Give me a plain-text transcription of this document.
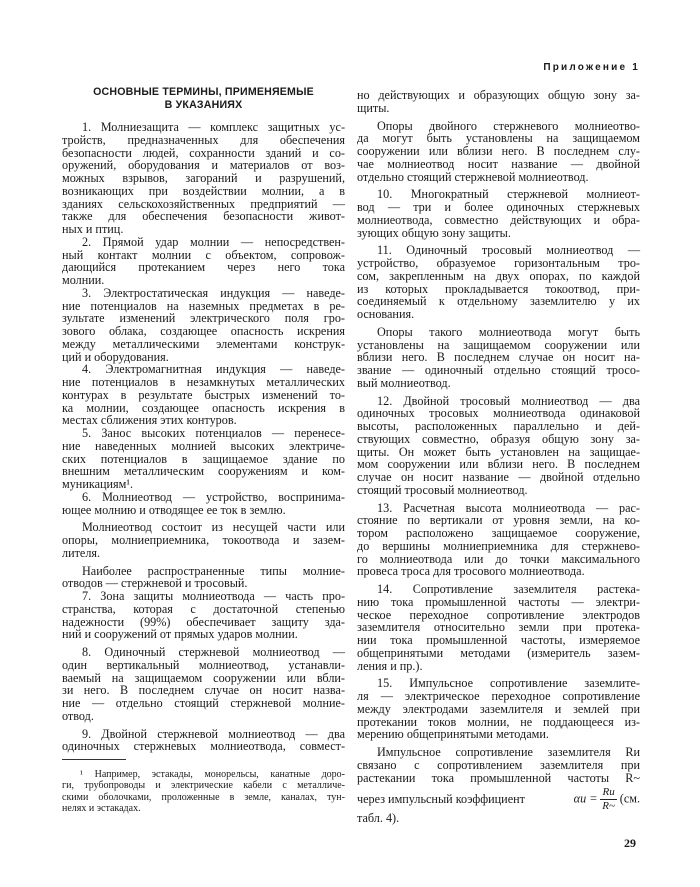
Приложение 1
ОСНОВНЫЕ ТЕРМИНЫ, ПРИМЕНЯЕМЫЕ
В УКАЗАНИЯХ
1. Молниезащита — комплекс защитных ус-
тройств, предназначенных для обеспечения
безопасности людей, сохранности зданий и со-
оружений, оборудования и материалов от воз-
можных взрывов, загораний и разрушений,
возникающих при воздействии молнии, а в
зданиях сельскохозяйственных предприятий —
также для обеспечения безопасности живот-
ных и птиц.
2. Прямой удар молнии — непосредствен-
ный контакт молнии с объектом, сопровож-
дающийся протеканием через него тока
молнии.
3. Электростатическая индукция — наведе-
ние потенциалов на наземных предметах в ре-
зультате изменений электрического поля гро-
зового облака, создающее опасность искрения
между металлическими элементами конструк-
ций и оборудования.
4. Электромагнитная индукция — наведе-
ние потенциалов в незамкнутых металлических
контурах в результате быстрых изменений то-
ка молнии, создающее опасность искрения в
местах сближения этих контуров.
5. Занос высоких потенциалов — перенесе-
ние наведенных молнией высоких электриче-
ских потенциалов в защищаемое здание по
внешним металлическим сооружениям и ком-
муникациям¹.
6. Молниеотвод — устройство, воспринима-
ющее молнию и отводящее ее ток в землю.
Молниеотвод состоит из несущей части или
опоры, молниеприемника, токоотвода и зазем-
лителя.
Наиболее распространенные типы молние-
отводов — стержневой и тросовый.
7. Зона защиты молниеотвода — часть про-
странства, которая с достаточной степенью
надежности (99%) обеспечивает защиту зда-
ний и сооружений от прямых ударов молнии.
8. Одиночный стержневой молниеотвод —
один вертикальный молниеотвод, устанавли-
ваемый на защищаемом сооружении или вбли-
зи него. В последнем случае он носит назва-
ние — отдельно стоящий стержневой молние-
отвод.
9. Двойной стержневой молниеотвод — два
одиночных стержневых молниеотвода, совмест-
¹ Например, эстакады, монорельсы, канатные доро-
ги, трубопроводы и электрические кабели с металличе-
скими оболочками, проложенные в земле, каналах, тун-
нелях и эстакадах.
но действующих и образующих общую зону за-
щиты.
Опоры двойного стержневого молниеотво-
да могут быть установлены на защищаемом
сооружении или вблизи него. В последнем слу-
чае молниеотвод носит название — двойной
отдельно стоящий стержневой молниеотвод.
10. Многократный стержневой молниеот-
вод — три и более одиночных стержневых
молниеотвода, совместно действующих и обра-
зующих общую зону защиты.
11. Одиночный тросовый молниеотвод —
устройство, образуемое горизонтальным тро-
сом, закрепленным на двух опорах, по каждой
из которых прокладывается токоотвод, при-
соединяемый к отдельному заземлителю у их
основания.
Опоры такого молниеотвода могут быть
установлены на защищаемом сооружении или
вблизи него. В последнем случае он носит на-
звание — одиночный отдельно стоящий тросо-
вый молниеотвод.
12. Двойной тросовый молниеотвод — два
одиночных тросовых молниеотвода одинаковой
высоты, расположенных параллельно и дей-
ствующих совместно, образуя общую зону за-
щиты. Он может быть установлен на защищае-
мом сооружении или вблизи него. В последнем
случае он носит название — двойной отдельно
стоящий тросовый молниеотвод.
13. Расчетная высота молниеотвода — рас-
стояние по вертикали от уровня земли, на ко-
тором расположено защищаемое сооружение,
до вершины молниеприемника для стержнево-
го молниеотвода или до точки максимального
провеса троса для тросового молниеотвода.
14. Сопротивление заземлителя растека-
нию тока промышленной частоты — электри-
ческое переходное сопротивление электродов
заземлителя относительно земли при протека-
нии тока промышленной частоты, измеряемое
общепринятыми методами (измеритель зазем-
ления и пр.).
15. Импульсное сопротивление заземлите-
ля — электрическое переходное сопротивление
между электродами заземлителя и землей при
протекании токов молнии, не поддающееся из-
мерению общепринятыми методами.
Импульсное сопротивление заземлителя Rи
связано с сопротивлением заземлителя при
растекании тока промышленной частоты R~
через импульсный коэффициент	$\alpha и = \frac{Rи}{R\sim} (см$.
табл. 4).
29
